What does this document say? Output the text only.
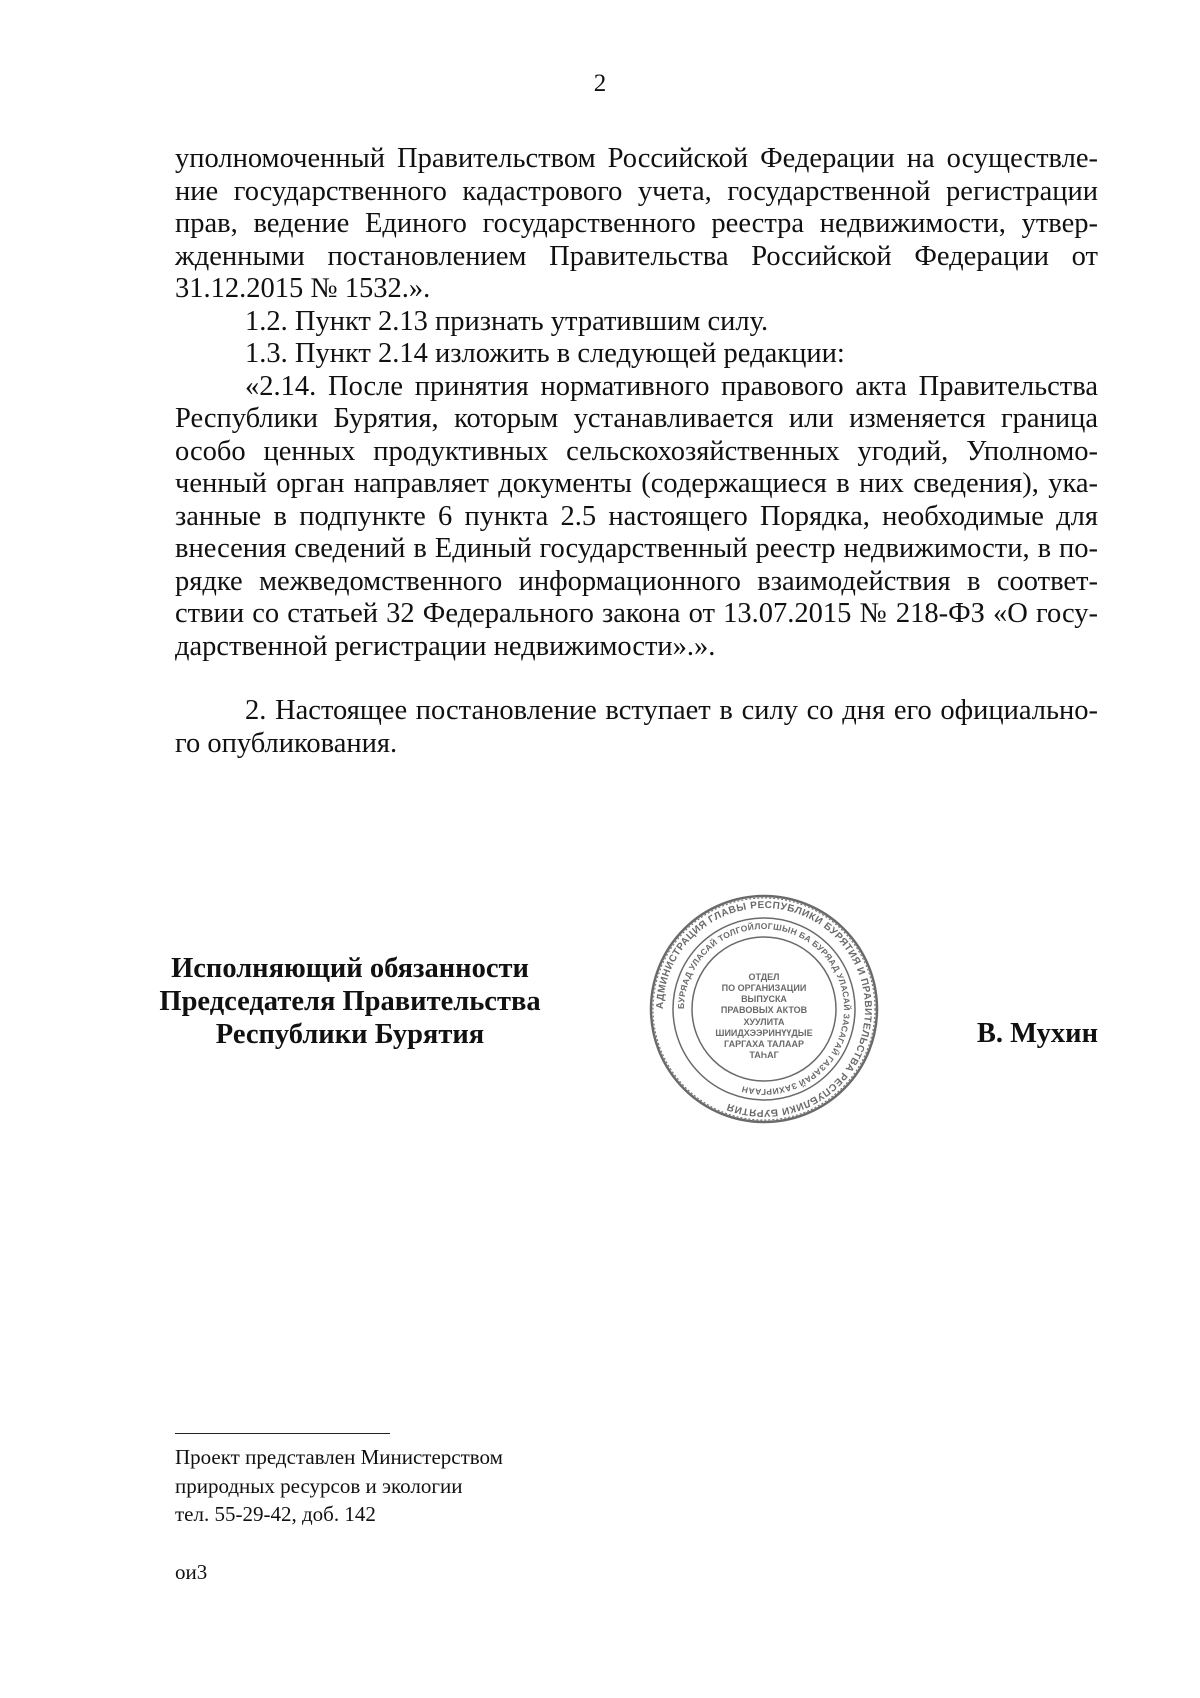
2
уполномоченный Правительством Российской Федерации на осуществле-
ние государственного кадастрового учета, государственной регистрации
прав, ведение Единого государственного реестра недвижимости, утвер-
жденными постановлением Правительства Российской Федерации от
31.12.2015 № 1532.».
1.2. Пункт 2.13 признать утратившим силу.
1.3. Пункт 2.14 изложить в следующей редакции:
«2.14. После принятия нормативного правового акта Правительства
Республики Бурятия, которым устанавливается или изменяется граница
особо ценных продуктивных сельскохозяйственных угодий, Уполномо-
ченный орган направляет документы (содержащиеся в них сведения), ука-
занные в подпункте 6 пункта 2.5 настоящего Порядка, необходимые для
внесения сведений в Единый государственный реестр недвижимости, в по-
рядке межведомственного информационного взаимодействия в соответ-
ствии со статьей 32 Федерального закона от 13.07.2015 № 218-ФЗ «О госу-
дарственной регистрации недвижимости».».
2. Настоящее постановление вступает в силу со дня его официально-
го опубликования.
Исполняющий обязанности
Председателя Правительства
Республики Бурятия
АДМИНИСТРАЦИЯ ГЛАВЫ РЕСПУБЛИКИ БУРЯТИЯ И ПРАВИТЕЛЬСТВА РЕСПУБЛИКИ БУРЯТИЯ
БУРЯАД УЛАСАЙ ТОЛГОЙЛОГШЫН БА БУРЯАД УЛАСАЙ ЗАСАГАЙ ГАЗАРАЙ ЗАХИРГААН
ОТДЕЛ
ПО ОРГАНИЗАЦИИ
ВЫПУСКА
ПРАВОВЫХ АКТОВ
ХУУЛИТА
ШИИДХЭЭРИНҮҮДЫЕ
ГАРГАХА ТАЛААР
ТАҺАГ
В. Мухин
Проект представлен Министерством
природных ресурсов и экологии
тел. 55-29-42, доб. 142
ои3
